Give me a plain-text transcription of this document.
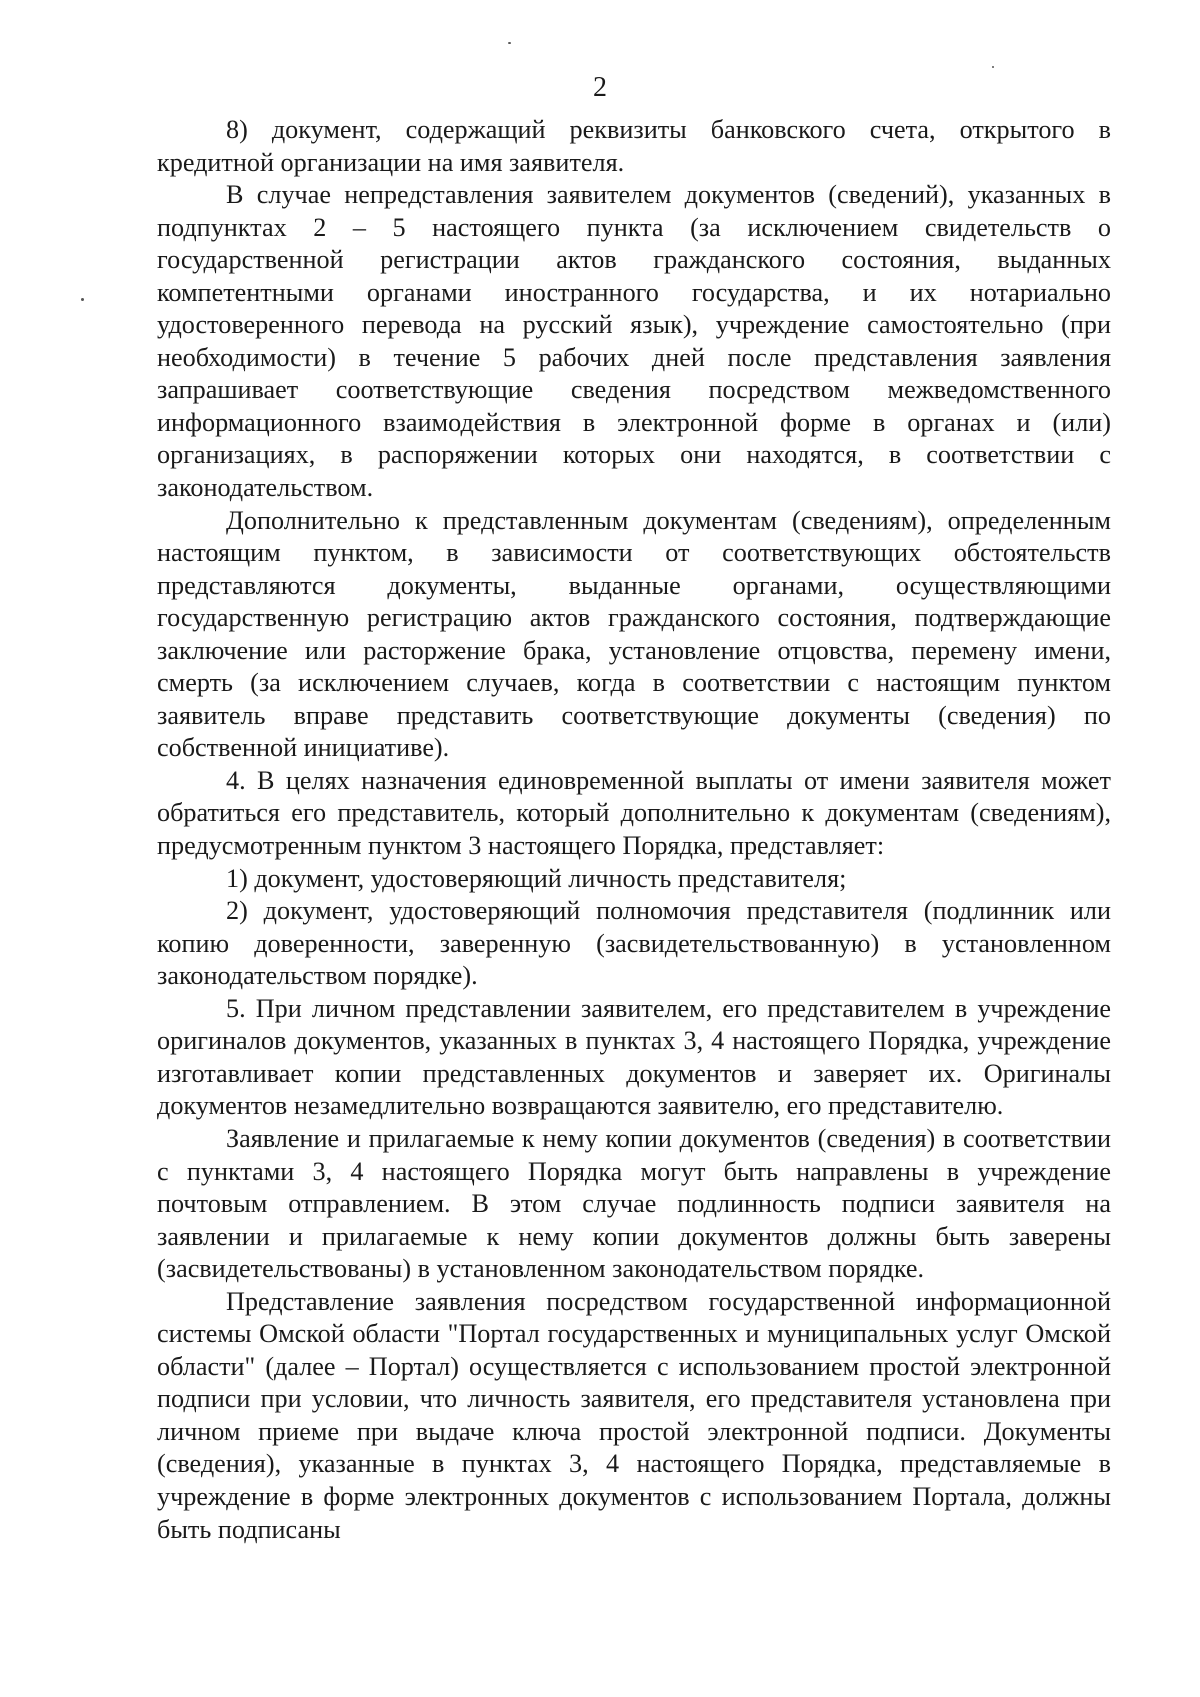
2

8) документ, содержащий реквизиты банковского счета, открытого в кредитной организации на имя заявителя.

В случае непредставления заявителем документов (сведений), указанных в подпунктах 2 – 5 настоящего пункта (за исключением свидетельств о государственной регистрации актов гражданского состояния, выданных компетентными органами иностранного государства, и их нотариально удостоверенного перевода на русский язык), учреждение самостоятельно (при необходимости) в течение 5 рабочих дней после представления заявления запрашивает соответствующие сведения посредством межведомственного информационного взаимодействия в электронной форме в органах и (или) организациях, в распоряжении которых они находятся, в соответствии с законодательством.

Дополнительно к представленным документам (сведениям), определенным настоящим пунктом, в зависимости от соответствующих обстоятельств представляются документы, выданные органами, осуществляющими государственную регистрацию актов гражданского состояния, подтверждающие заключение или расторжение брака, установление отцовства, перемену имени, смерть (за исключением случаев, когда в соответствии с настоящим пунктом заявитель вправе представить соответствующие документы (сведения) по собственной инициативе).

4. В целях назначения единовременной выплаты от имени заявителя может обратиться его представитель, который дополнительно к документам (сведениям), предусмотренным пунктом 3 настоящего Порядка, представляет:

1) документ, удостоверяющий личность представителя;

2) документ, удостоверяющий полномочия представителя (подлинник или копию доверенности, заверенную (засвидетельствованную) в установленном законодательством порядке).

5. При личном представлении заявителем, его представителем в учреждение оригиналов документов, указанных в пунктах 3, 4 настоящего Порядка, учреждение изготавливает копии представленных документов и заверяет их. Оригиналы документов незамедлительно возвращаются заявителю, его представителю.

Заявление и прилагаемые к нему копии документов (сведения) в соответствии с пунктами 3, 4 настоящего Порядка могут быть направлены в учреждение почтовым отправлением. В этом случае подлинность подписи заявителя на заявлении и прилагаемые к нему копии документов должны быть заверены (засвидетельствованы) в установленном законодательством порядке.

Представление заявления посредством государственной информационной системы Омской области "Портал государственных и муниципальных услуг Омской области" (далее – Портал) осуществляется с использованием простой электронной подписи при условии, что личность заявителя, его представителя установлена при личном приеме при выдаче ключа простой электронной подписи. Документы (сведения), указанные в пунктах 3, 4 настоящего Порядка, представляемые в учреждение в форме электронных документов с использованием Портала, должны быть подписаны
